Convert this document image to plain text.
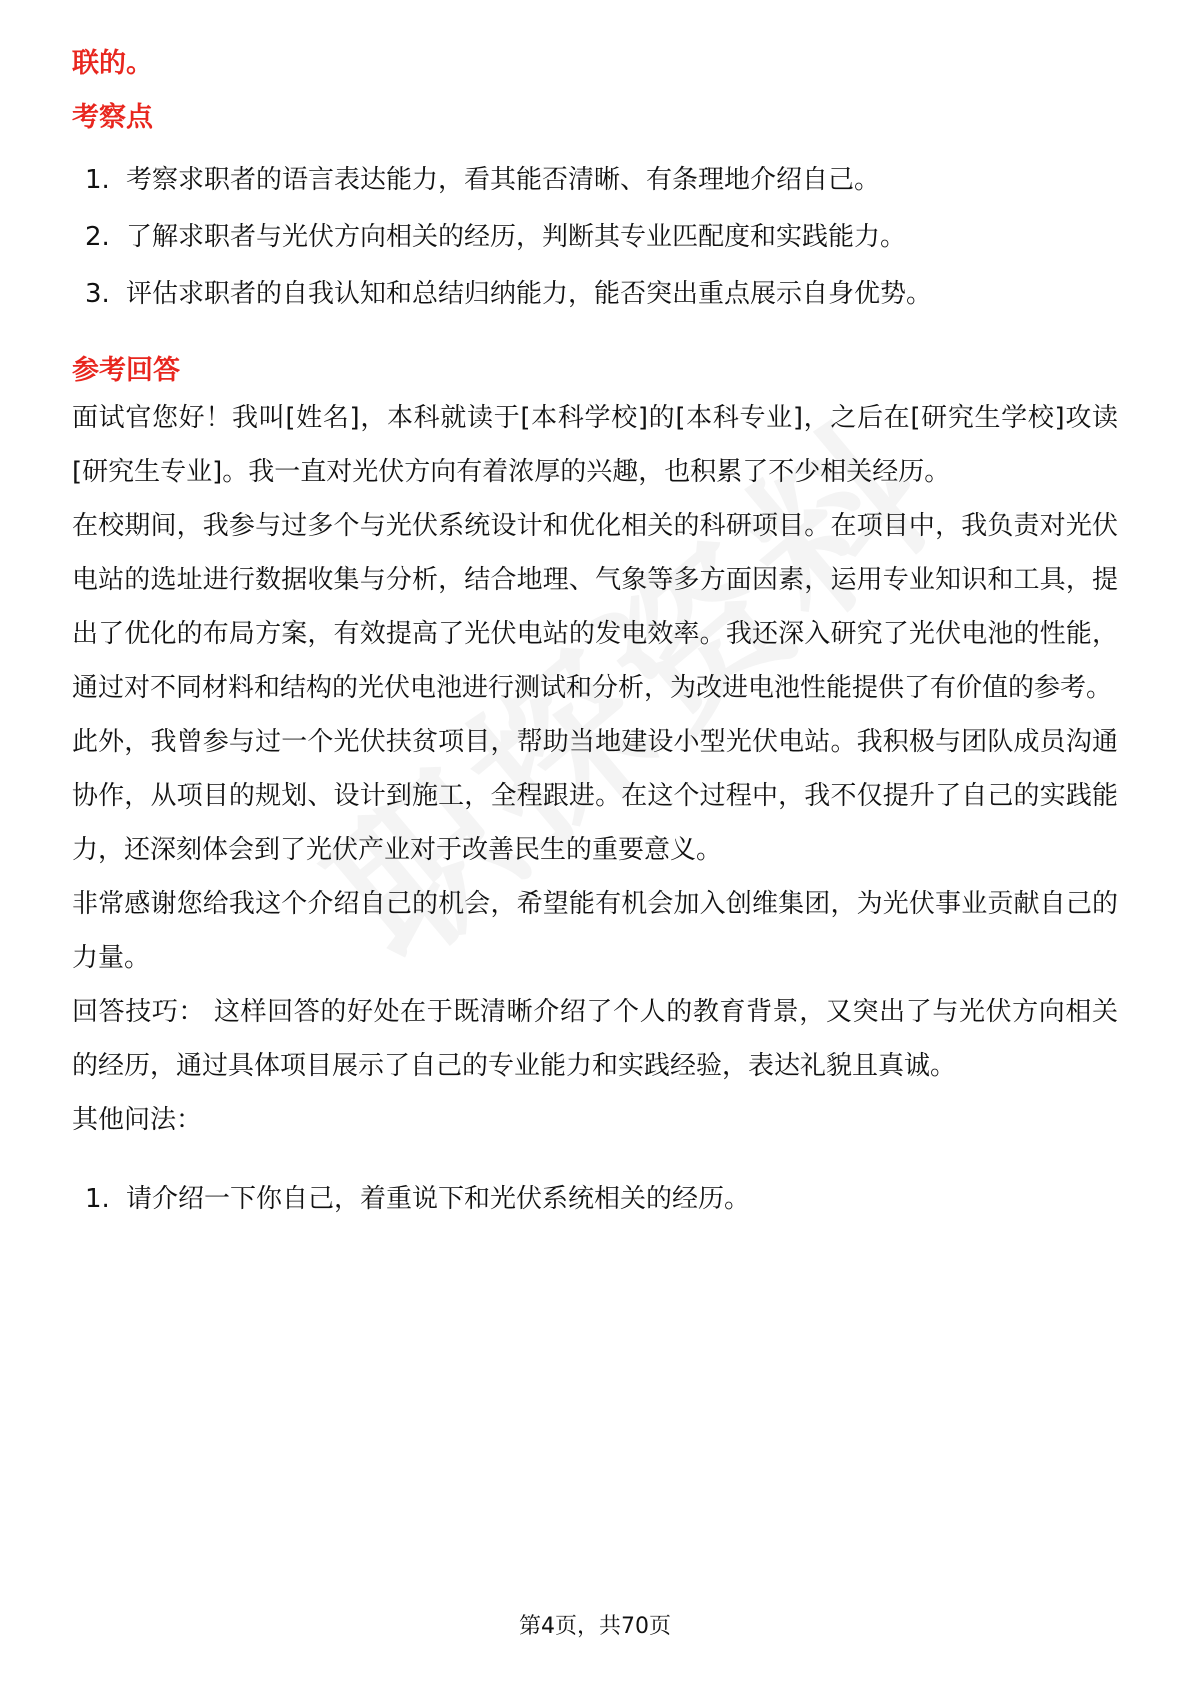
联的。

考察点

1. 考察求职者的语言表达能力，看其能否清晰、有条理地介绍自己。
2. 了解求职者与光伏方向相关的经历，判断其专业匹配度和实践能力。
3. 评估求职者的自我认知和总结归纳能力，能否突出重点展示自身优势。

参考回答

面试官您好！我叫[姓名]，本科就读于[本科学校]的[本科专业]，之后在[研究生学校]攻读[研究生专业]。我一直对光伏方向有着浓厚的兴趣，也积累了不少相关经历。

在校期间，我参与过多个与光伏系统设计和优化相关的科研项目。在项目中，我负责对光伏电站的选址进行数据收集与分析，结合地理、气象等多方面因素，运用专业知识和工具，提出了优化的布局方案，有效提高了光伏电站的发电效率。我还深入研究了光伏电池的性能，通过对不同材料和结构的光伏电池进行测试和分析，为改进电池性能提供了有价值的参考。

此外，我曾参与过一个光伏扶贫项目，帮助当地建设小型光伏电站。我积极与团队成员沟通协作，从项目的规划、设计到施工，全程跟进。在这个过程中，我不仅提升了自己的实践能力，还深刻体会到了光伏产业对于改善民生的重要意义。

非常感谢您给我这个介绍自己的机会，希望能有机会加入创维集团，为光伏事业贡献自己的力量。

回答技巧： 这样回答的好处在于既清晰介绍了个人的教育背景，又突出了与光伏方向相关的经历，通过具体项目展示了自己的专业能力和实践经验，表达礼貌且真诚。

其他问法：

1. 请介绍一下你自己，着重说下和光伏系统相关的经历。
第4页，共70页
